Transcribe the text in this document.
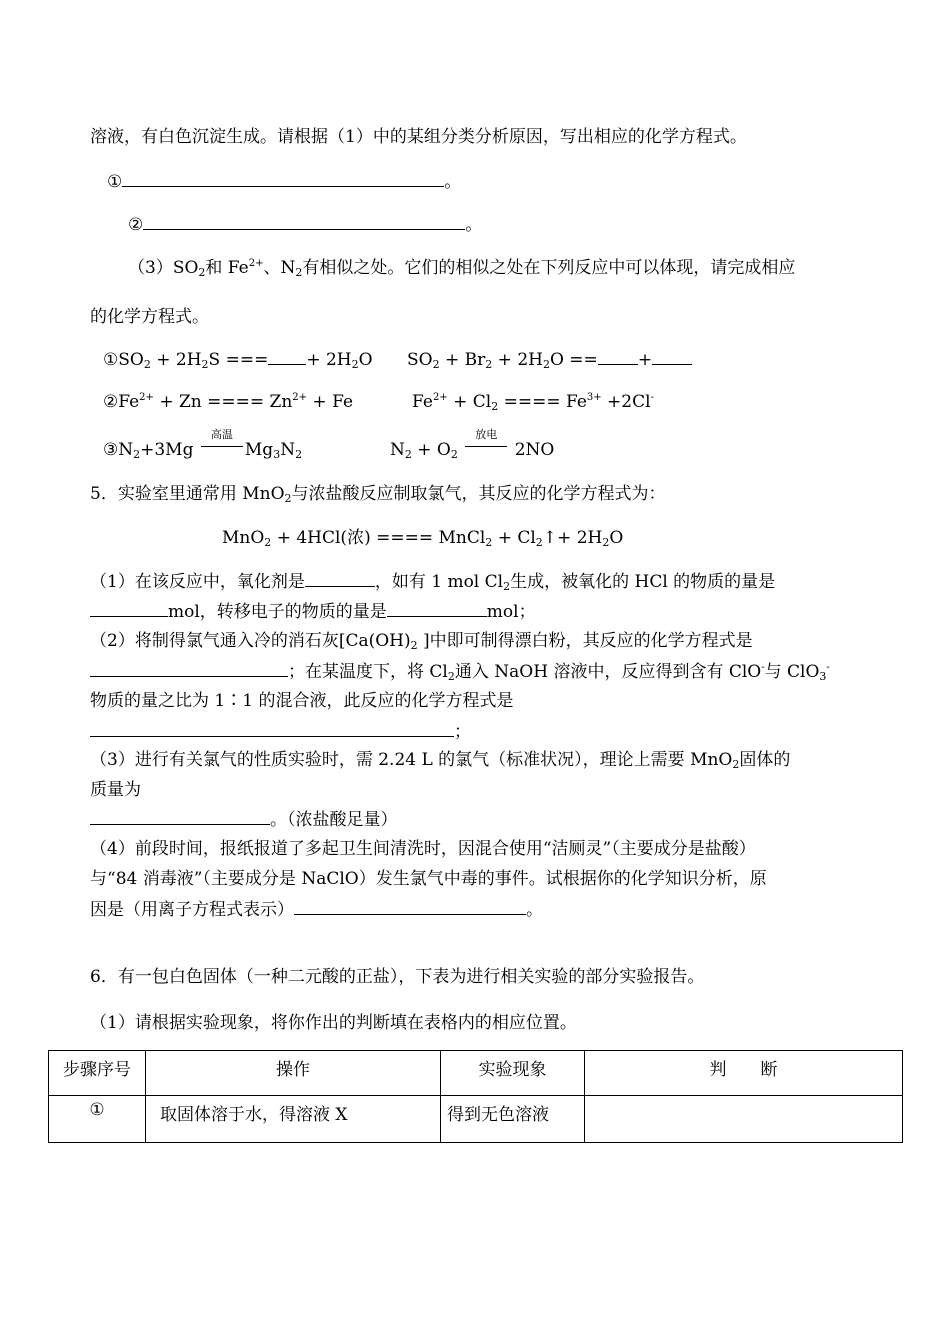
溶液，有白色沉淀生成。请根据（1）中的某组分类分析原因，写出相应的化学方程式。
①	。
②	。
$(3)SO_2$和 $Fe^{2+}$、$N_2$有相似之处。它们的相似之处在下列反应中可以体现，请完成相应
的化学方程式。
$①SO_2 + 2H_2S$ === + $2H_2O$ $SO_2 + Br_2 + 2H_2O$ == +
$②Fe^{2+} + Zn$ ==== $Zn^{2+} + Fe$	$Fe^{2+} + Cl_2$ ==== $Fe^{3+} +2Cl^-$
$③N_2+3Mg$
高温
$Mg_3N_2$	$N_2 + O_2$
放电
2NO
5．实验室里通常用 MnO$_2$与浓盐酸反应制取氯气，其反应的化学方程式为：
MnO$_2$ + 4HCl(浓) ==== MnCl$_2$ + $Cl_2↑+ 2H_2O$
（1）在该反应中，氧化剂是	，如有 1 mol $Cl_2$生成，被氧化的 HCl 的物质的量是
mol，转移电子的物质的量是	mol；
（2）将制得氯气通入冷的消石灰[$Ca(OH)_2$ ]中即可制得漂白粉，其反应的化学方程式是
；在某温度下，将 $Cl_2$通入 NaOH 溶液中，反应得到含有 ClO-与 ClO$_3$-
物质的量之比为 1∶1 的混合液，此反应的化学方程式是
；
（3）进行有关氯气的性质实验时，需 2.24 L 的氯气（标准状况），理论上需要 MnO$_2$固体的
质量为
。（浓盐酸足量）
（4）前段时间，报纸报道了多起卫生间清洗时，因混合使用“洁厕灵”（主要成分是盐酸）
与“84 消毒液”（主要成分是 NaClO）发生氯气中毒的事件。试根据你的化学知识分析，原
因是（用离子方程式表示）	。
6．有一包白色固体（一种二元酸的正盐），下表为进行相关实验的部分实验报告。
（1）请根据实验现象，将你作出的判断填在表格内的相应位置。
步骤序号	操作	实验现象	判　　断
①	取固体溶于水，得溶液 X	得到无色溶液	
